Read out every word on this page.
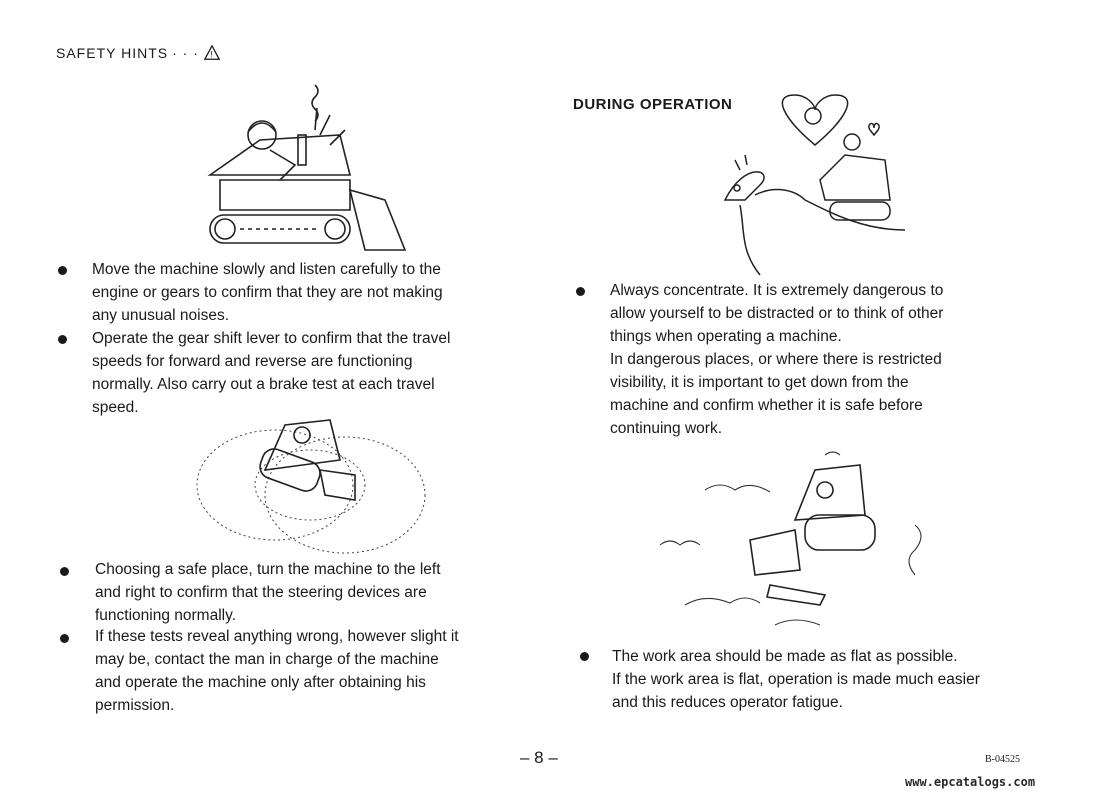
SAFETY HINTS · · · !

Move the machine slowly and listen carefully to the

engine or gears to confirm that they are not making

any unusual noises.

Operate the gear shift lever to confirm that the travel

speeds for forward and reverse are functioning

normally. Also carry out a brake test at each travel

speed.

Choosing a safe place, turn the machine to the left

and right to confirm that the steering devices are

functioning normally.

If these tests reveal anything wrong, however slight it

may be, contact the man in charge of the machine

and operate the machine only after obtaining his

permission.

DURING OPERATION

Always concentrate. It is extremely dangerous to

allow yourself to be distracted or to think of other

things when operating a machine.

In dangerous places, or where there is restricted

visibility, it is important to get down from the

machine and confirm whether it is safe before

continuing work.

The work area should be made as flat as possible.

If the work area is flat, operation is made much easier

and this reduces operator fatigue.

– 8 –	B-04525
www.epcatalogs.com
